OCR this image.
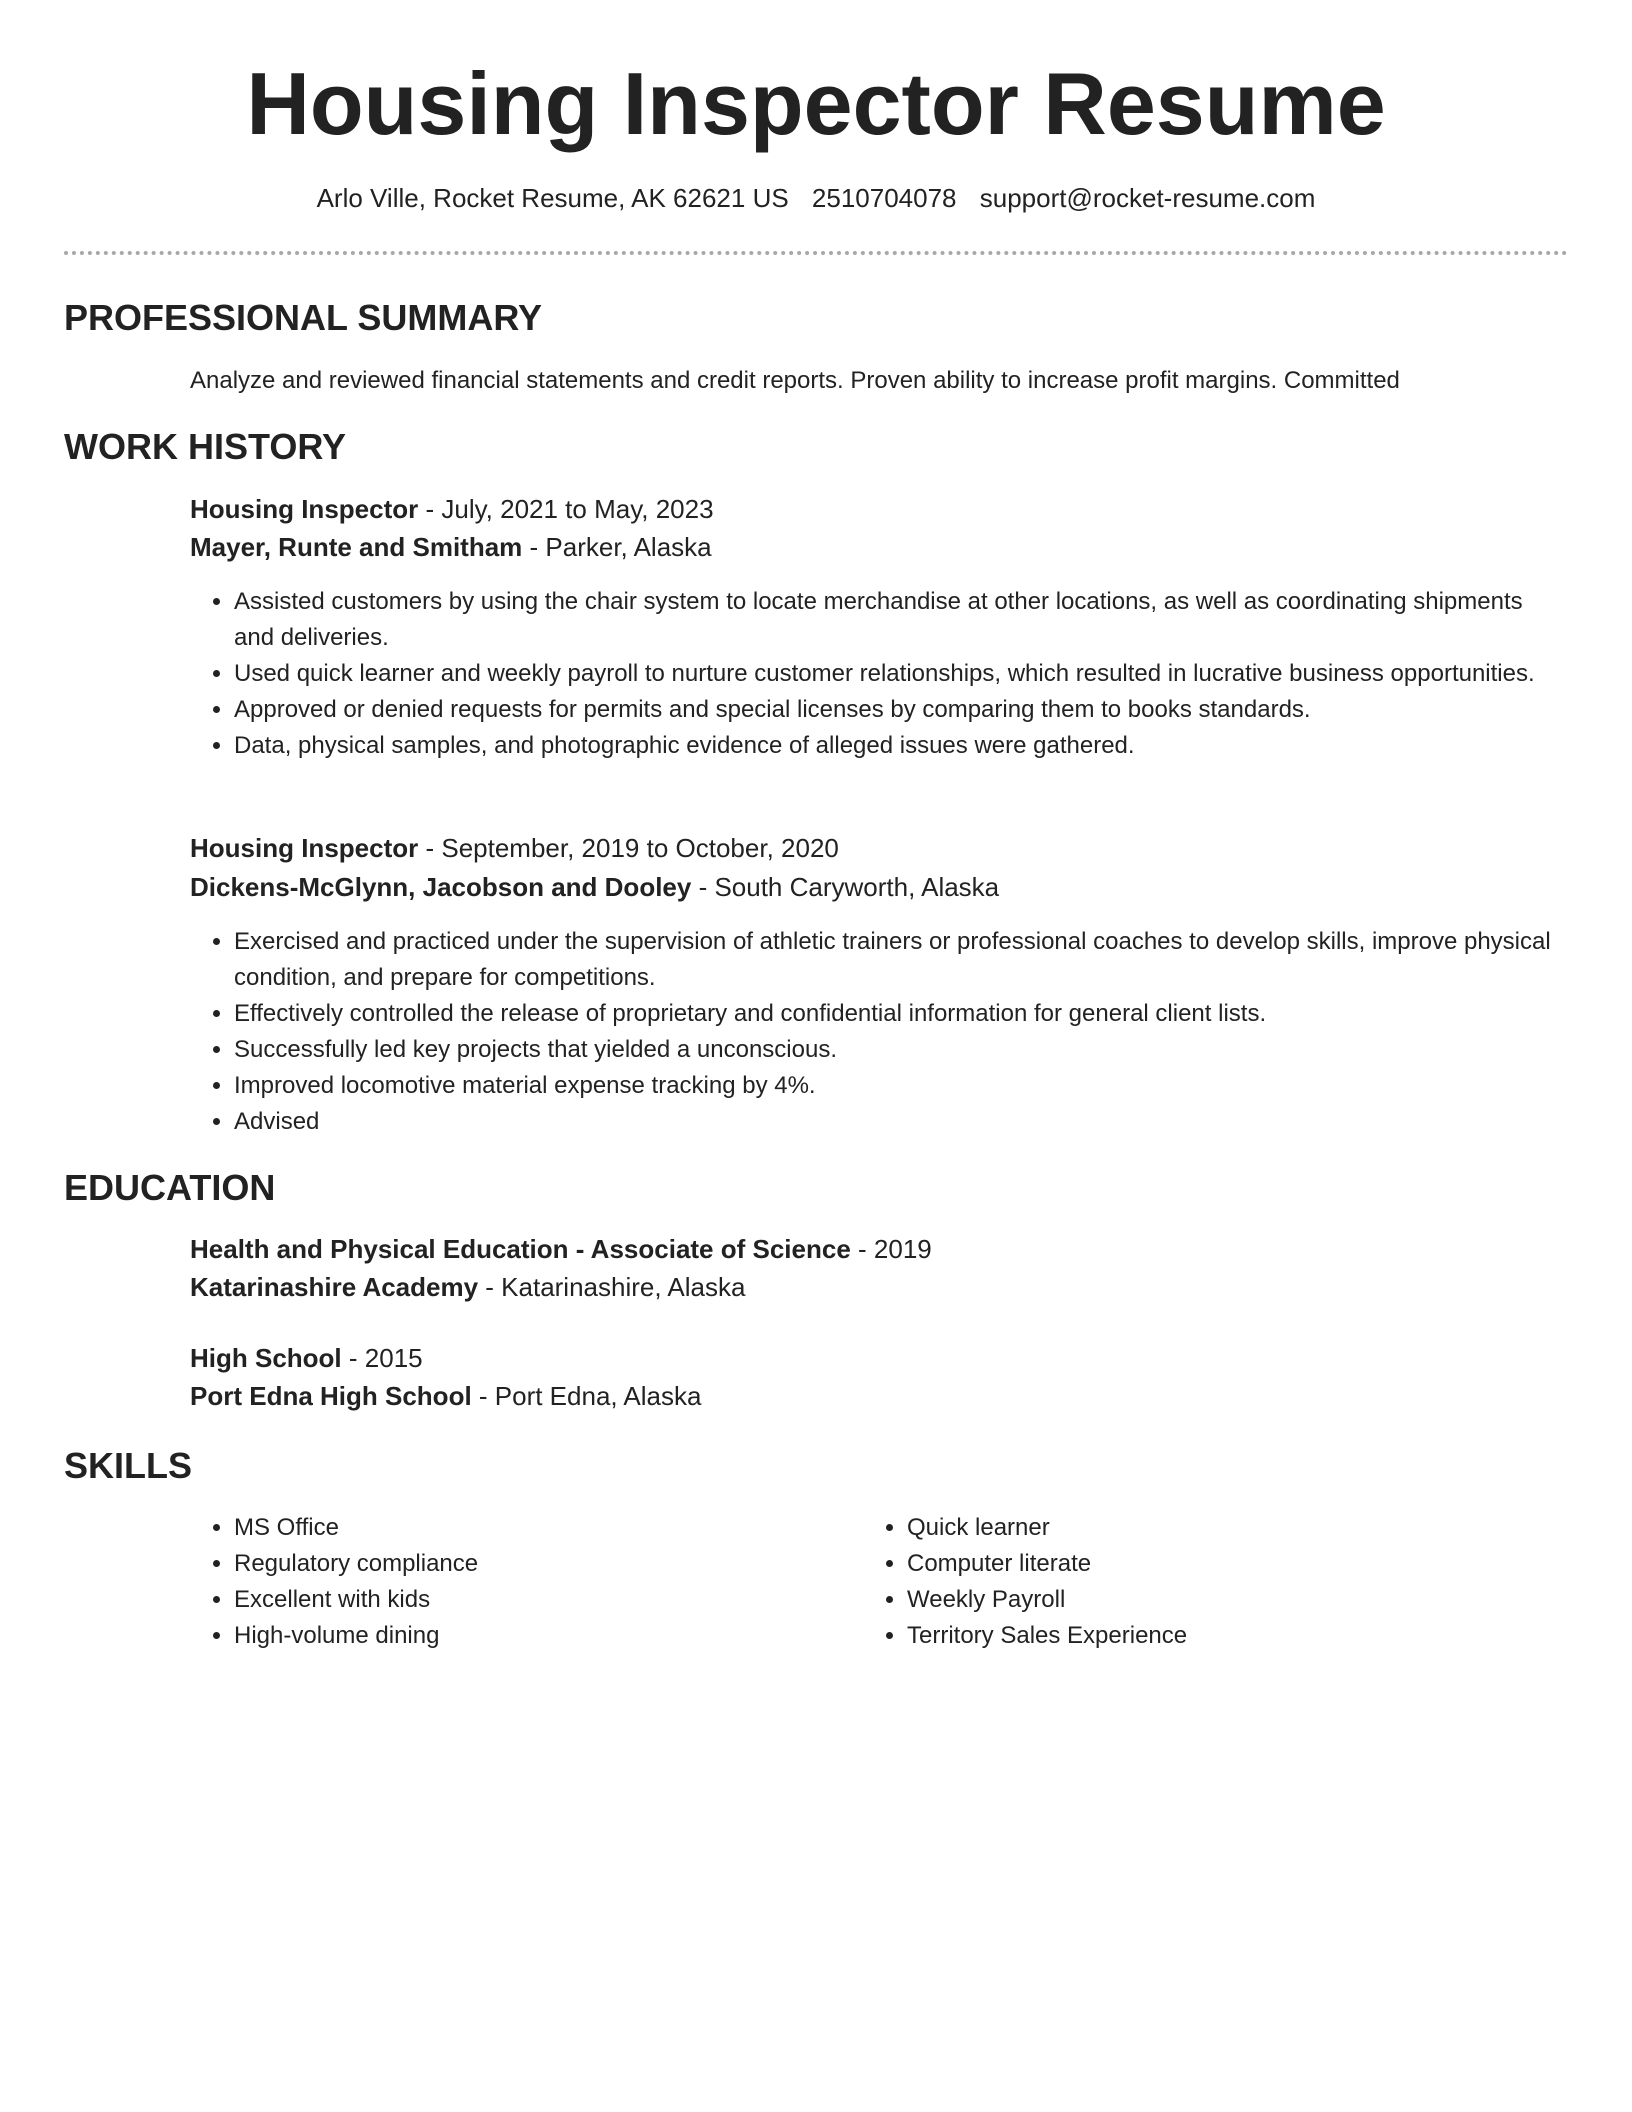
Housing Inspector Resume
Arlo Ville, Rocket Resume, AK 62621 US 2510704078 support@rocket-resume.com
PROFESSIONAL SUMMARY

Analyze and reviewed financial statements and credit reports. Proven ability to increase profit margins. Committed

WORK HISTORY
Housing Inspector - July, 2021 to May, 2023
Mayer, Runte and Smitham - Parker, Alaska
• Assisted customers by using the chair system to locate merchandise at other locations, as well as coordinating shipments and deliveries.
• Used quick learner and weekly payroll to nurture customer relationships, which resulted in lucrative business opportunities.
• Approved or denied requests for permits and special licenses by comparing them to books standards.
• Data, physical samples, and photographic evidence of alleged issues were gathered.
Housing Inspector - September, 2019 to October, 2020
Dickens-McGlynn, Jacobson and Dooley - South Caryworth, Alaska
• Exercised and practiced under the supervision of athletic trainers or professional coaches to develop skills, improve physical condition, and prepare for competitions.
• Effectively controlled the release of proprietary and confidential information for general client lists.
• Successfully led key projects that yielded a unconscious.
• Improved locomotive material expense tracking by 4%.
• Advised
EDUCATION
Health and Physical Education - Associate of Science - 2019
Katarinashire Academy - Katarinashire, Alaska
High School - 2015
Port Edna High School - Port Edna, Alaska
SKILLS
• MS Office
• Regulatory compliance
• Excellent with kids
• High-volume dining
• Quick learner
• Computer literate
• Weekly Payroll
• Territory Sales Experience
